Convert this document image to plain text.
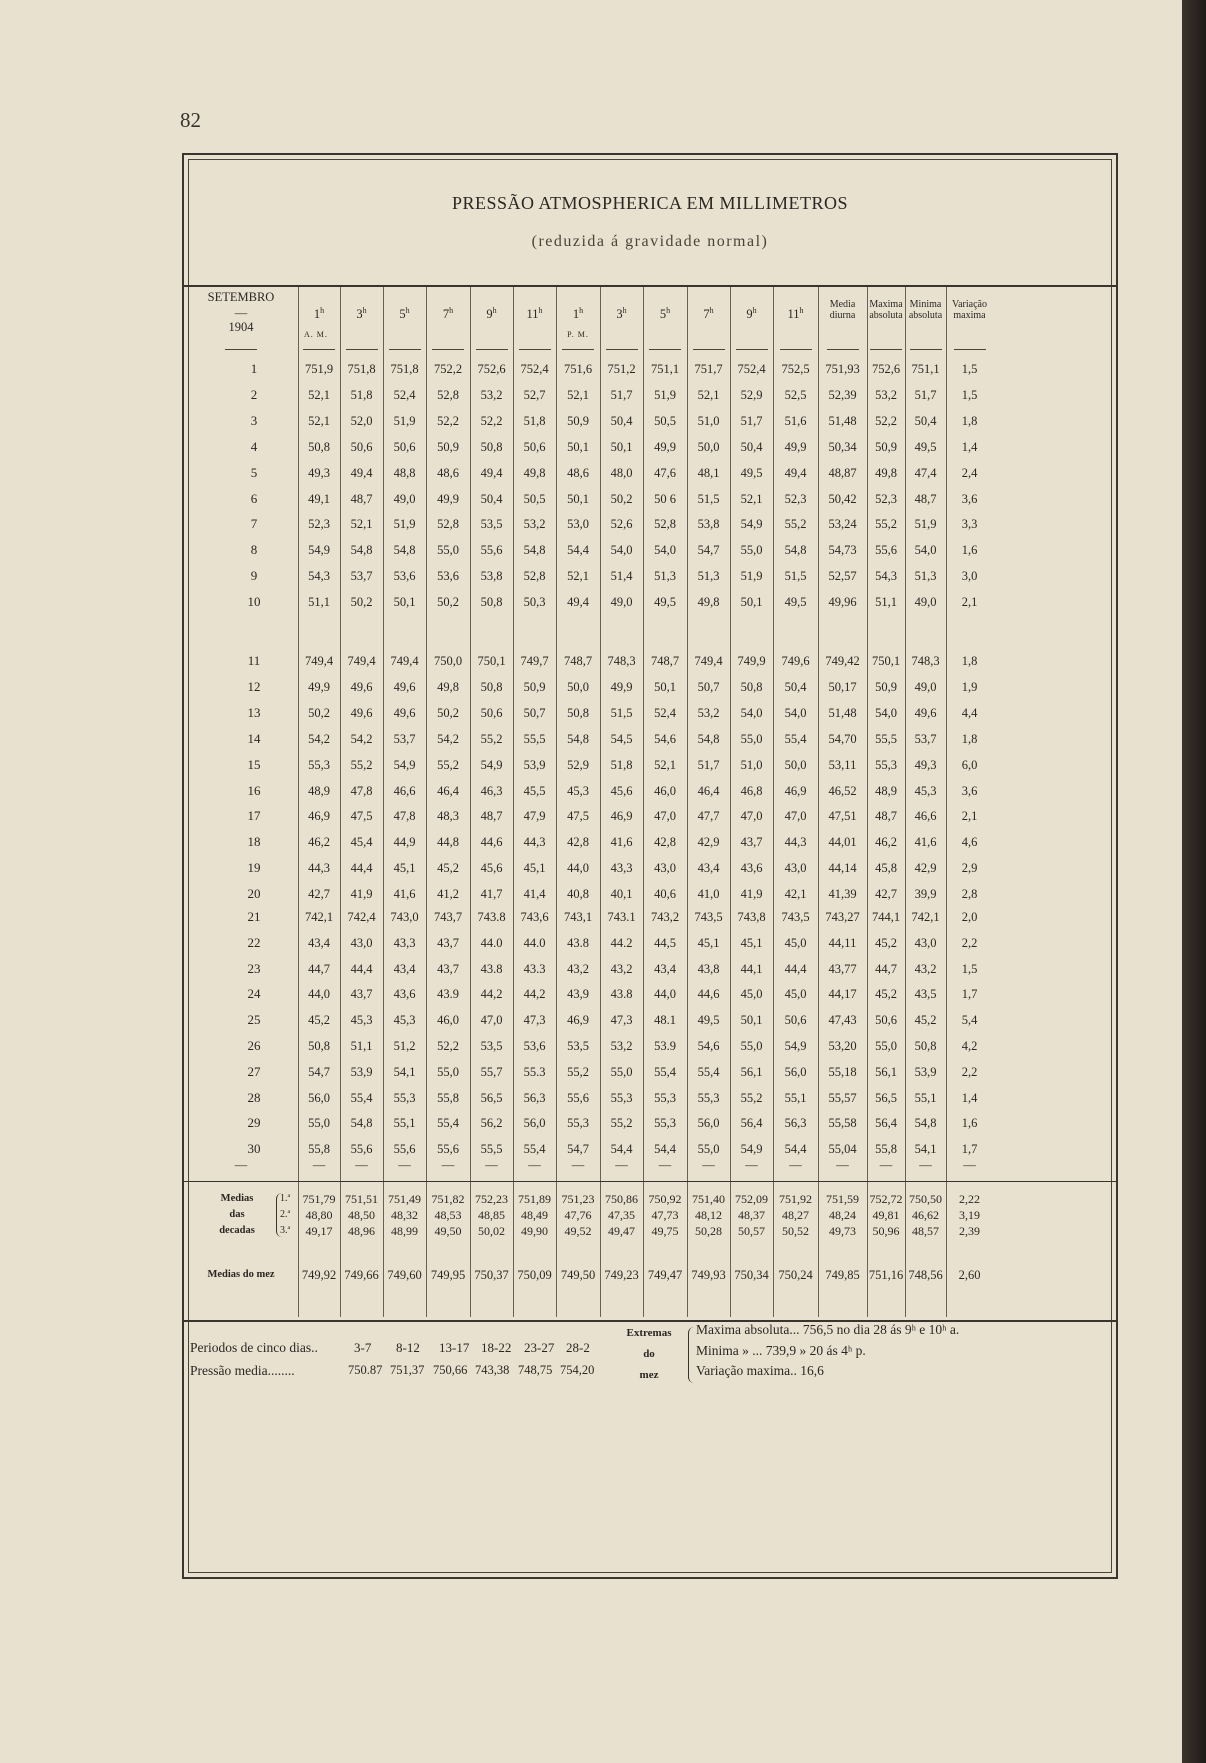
82
PRESSÃO ATMOSPHERICA EM MILLIMETROS
(reduzida á gravidade normal)
SETEMBRO
—
1904
1$^h$	3$^h$	5$^h$	7$^h$	9$^h$	11$^h$	1$^h$	3$^h$	5$^h$	7$^h$	9$^h$	11$^h$
A. M.	P. M.
Media diurna
Maxima absoluta
Minima absoluta
Variação maxima
1	751,9	751,8	751,8	752,2	752,6	752,4	751,6	751,2	751,1	751,7	752,4	752,5	751,93 752,6 751,1	1,5
2	52,1	51,8	52,4	52,8	53,2	52,7	52,1	51,7	51,9	52,1	52,9	52,5	52,39	53,2	51,7	1,5
3	52,1	52,0	51,9	52,2	52,2	51,8	50,9	50,4	50,5	51,0	51,7	51,6	51,48	52,2	50,4	1,8
4	50,8	50,6	50,6	50,9	50,8	50,6	50,1	50,1	49,9	50,0	50,4	49,9	50,34	50,9	49,5	1,4
5	49,3	49,4	48,8	48,6	49,4	49,8	48,6	48,0	47,6	48,1	49,5	49,4	48,87	49,8	47,4	2,4
6	49,1	48,7	49,0	49,9	50,4	50,5	50,1	50,2	50 6	51,5	52,1	52,3	50,42	52,3	48,7	3,6
7	52,3	52,1	51,9	52,8	53,5	53,2	53,0	52,6	52,8	53,8	54,9	55,2	53,24	55,2	51,9	3,3
8	54,9	54,8	54,8	55,0	55,6	54,8	54,4	54,0	54,0	54,7	55,0	54,8	54,73	55,6	54,0	1,6
9	54,3	53,7	53,6	53,6	53,8	52,8	52,1	51,4	51,3	51,3	51,9	51,5	52,57	54,3	51,3	3,0
10	51,1	50,2	50,1	50,2	50,8	50,3	49,4	49,0	49,5	49,8	50,1	49,5	49,96	51,1	49,0	2,1
11	749,4	749,4	749,4	750,0	750,1	749,7	748,7	748,3	748,7	749,4	749,9	749,6	749,42 750,1 748,3	1,8
12	49,9	49,6	49,6	49,8	50,8	50,9	50,0	49,9	50,1	50,7	50,8	50,4	50,17	50,9	49,0	1,9
13	50,2	49,6	49,6	50,2	50,6	50,7	50,8	51,5	52,4	53,2	54,0	54,0	51,48	54,0	49,6	4,4
14	54,2	54,2	53,7	54,2	55,2	55,5	54,8	54,5	54,6	54,8	55,0	55,4	54,70	55,5	53,7	1,8
15	55,3	55,2	54,9	55,2	54,9	53,9	52,9	51,8	52,1	51,7	51,0	50,0	53,11	55,3	49,3	6,0
16	48,9	47,8	46,6	46,4	46,3	45,5	45,3	45,6	46,0	46,4	46,8	46,9	46,52	48,9	45,3	3,6
17	46,9	47,5	47,8	48,3	48,7	47,9	47,5	46,9	47,0	47,7	47,0	47,0	47,51	48,7	46,6	2,1
18	46,2	45,4	44,9	44,8	44,6	44,3	42,8	41,6	42,8	42,9	43,7	44,3	44,01	46,2	41,6	4,6
19	44,3	44,4	45,1	45,2	45,6	45,1	44,0	43,3	43,0	43,4	43,6	43,0	44,14	45,8	42,9	2,9
20	42,7	41,9	41,6	41,2	41,7	41,4	40,8	40,1	40,6	41,0	41,9	42,1	41,39	42,7	39,9	2,8
21	742,1	742,4	743,0	743,7	743.8	743,6	743,1	743.1	743,2	743,5	743,8	743,5	743,27 744,1 742,1	2,0
22	43,4	43,0	43,3	43,7	44.0	44.0	43.8	44.2	44,5	45,1	45,1	45,0	44,11	45,2	43,0	2,2
23	44,7	44,4	43,4	43,7	43.8	43.3	43,2	43,2	43,4	43,8	44,1	44,4	43,77	44,7	43,2	1,5
24	44,0	43,7	43,6	43.9	44,2	44,2	43,9	43.8	44,0	44,6	45,0	45,0	44,17	45,2	43,5	1,7
25	45,2	45,3	45,3	46,0	47,0	47,3	46,9	47,3	48.1	49,5	50,1	50,6	47,43	50,6	45,2	5,4
26	50,8	51,1	51,2	52,2	53,5	53,6	53,5	53,2	53.9	54,6	55,0	54,9	53,20	55,0	50,8	4,2
27	54,7	53,9	54,1	55,0	55,7	55.3	55,2	55,0	55,4	55,4	56,1	56,0	55,18	56,1	53,9	2,2
28	56,0	55,4	55,3	55,8	56,5	56,3	55,6	55,3	55,3	55,3	55,2	55,1	55,57	56,5	55,1	1,4
29	55,0	54,8	55,1	55,4	56,2	56,0	55,3	55,2	55,3	56,0	56,4	56,3	55,58	56,4	54,8	1,6
30	55,8	55,6	55,6	55,6	55,5	55,4	54,7	54,4	54,4	55,0	54,9	54,4	55,04	55,8	54,1	1,7
—	—	—	—	—	—	—	—	—	—	—	—	—	—	—	—	—
Medias
das
decadas
1.ª
2.ª
3.ª
751,79 751,51 751,49 751,82 752,23 751,89 751,23 750,86 750,92 751,40 752,09 751,92	751,59 752,72 750,50	2,22
48,80	48,50	48,32	48,53	48,85	48,49	47,76	47,35	47,73	48,12	48,37	48,27	48,24	49,81	46,62	3,19
49,17	48,96	48,99	49,50	50,02	49,90	49,52	49,47	49,75	50,28	50,57	50,52	49,73	50,96	48,57	2,39
Medias do mez	749,92 749,66 749,60 749,95 750,37 750,09 749,50 749,23 749,47 749,93 750,34 750,24	749,85 751,16 748,56	2,60
Periodos de cinco dias..
Pressão media........
3-7 8-12 13-17 18-22 23-27 28-2
750.87 751,37 750,66 743,38 748,75 754,20
Extremas
do
mez
Maxima absoluta... 756,5 no dia 28 ás 9ʰ e 10ʰ a.
Minima » ... 739,9 » 20 ás 4ʰ p.
Variação maxima.. 16,6
